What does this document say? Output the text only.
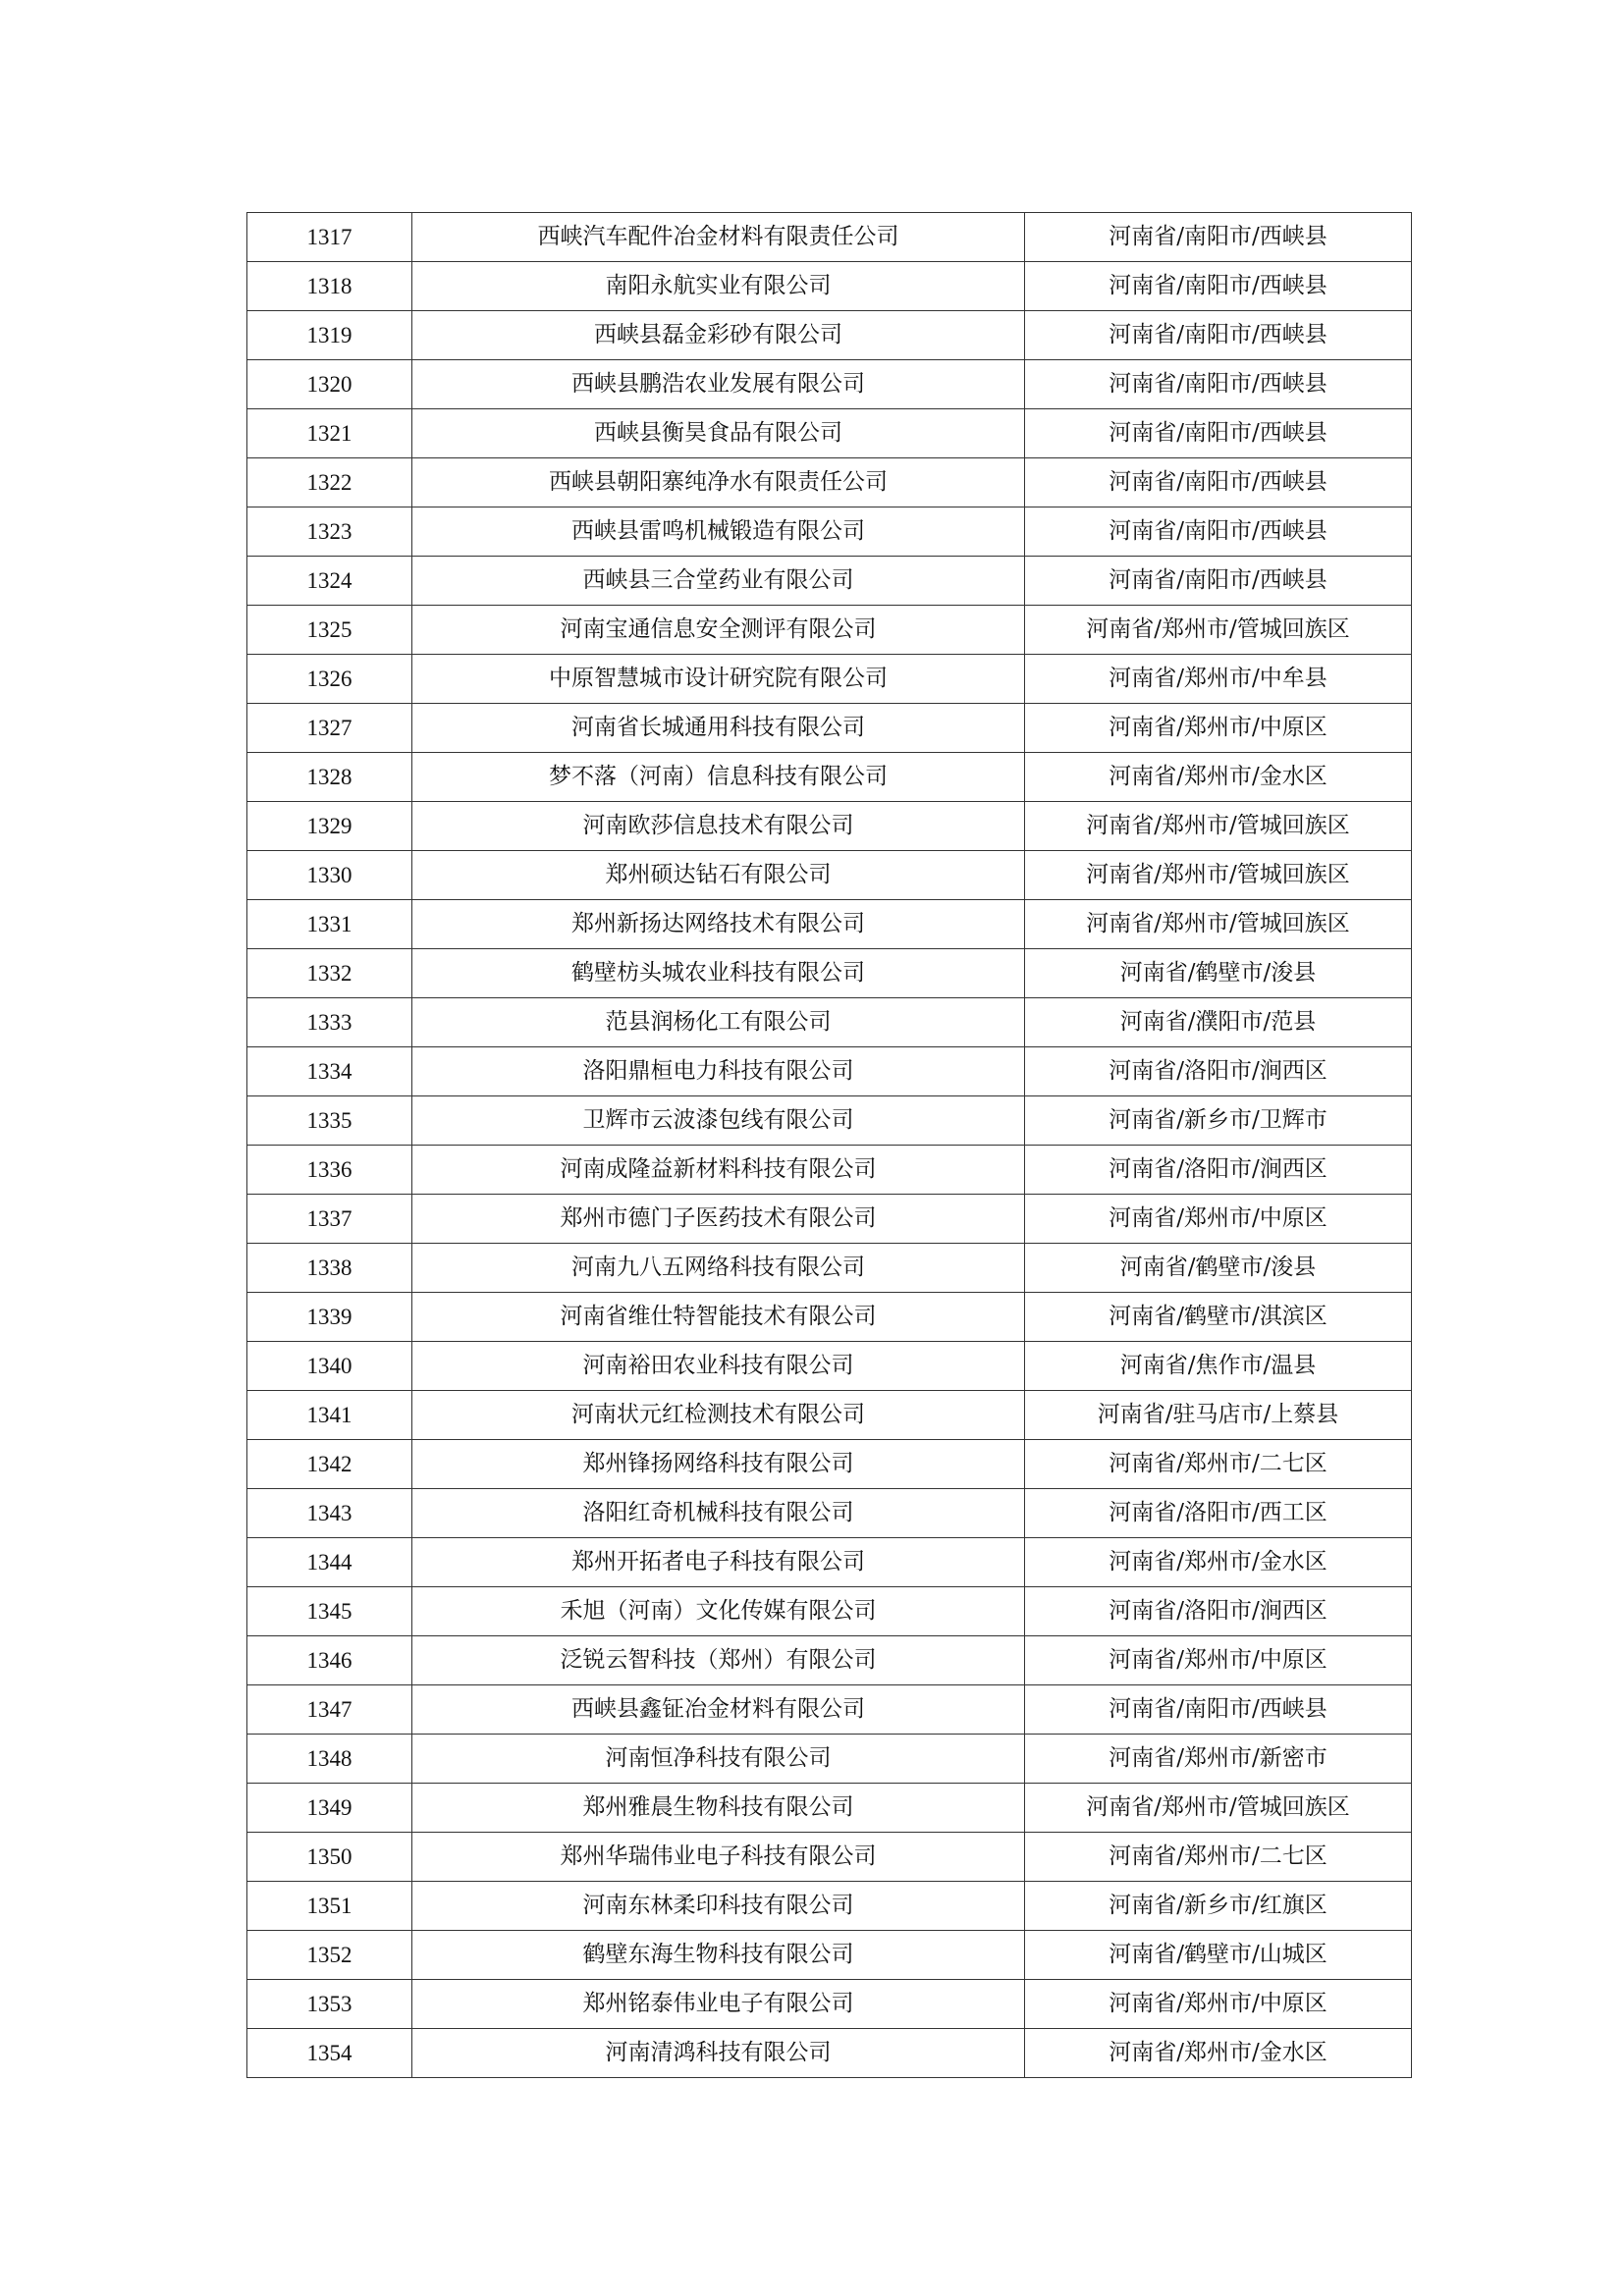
1317	西峡汽车配件冶金材料有限责任公司	河南省/南阳市/西峡县
1318	南阳永航实业有限公司	河南省/南阳市/西峡县
1319	西峡县磊金彩砂有限公司	河南省/南阳市/西峡县
1320	西峡县鹏浩农业发展有限公司	河南省/南阳市/西峡县
1321	西峡县衡昊食品有限公司	河南省/南阳市/西峡县
1322	西峡县朝阳寨纯净水有限责任公司	河南省/南阳市/西峡县
1323	西峡县雷鸣机械锻造有限公司	河南省/南阳市/西峡县
1324	西峡县三合堂药业有限公司	河南省/南阳市/西峡县
1325	河南宝通信息安全测评有限公司	河南省/郑州市/管城回族区
1326	中原智慧城市设计研究院有限公司	河南省/郑州市/中牟县
1327	河南省长城通用科技有限公司	河南省/郑州市/中原区
1328	梦不落（河南）信息科技有限公司	河南省/郑州市/金水区
1329	河南欧莎信息技术有限公司	河南省/郑州市/管城回族区
1330	郑州硕达钻石有限公司	河南省/郑州市/管城回族区
1331	郑州新扬达网络技术有限公司	河南省/郑州市/管城回族区
1332	鹤壁枋头城农业科技有限公司	河南省/鹤壁市/浚县
1333	范县润杨化工有限公司	河南省/濮阳市/范县
1334	洛阳鼎桓电力科技有限公司	河南省/洛阳市/涧西区
1335	卫辉市云波漆包线有限公司	河南省/新乡市/卫辉市
1336	河南成隆益新材料科技有限公司	河南省/洛阳市/涧西区
1337	郑州市德门子医药技术有限公司	河南省/郑州市/中原区
1338	河南九八五网络科技有限公司	河南省/鹤壁市/浚县
1339	河南省维仕特智能技术有限公司	河南省/鹤壁市/淇滨区
1340	河南裕田农业科技有限公司	河南省/焦作市/温县
1341	河南状元红检测技术有限公司	河南省/驻马店市/上蔡县
1342	郑州锋扬网络科技有限公司	河南省/郑州市/二七区
1343	洛阳红奇机械科技有限公司	河南省/洛阳市/西工区
1344	郑州开拓者电子科技有限公司	河南省/郑州市/金水区
1345	禾旭（河南）文化传媒有限公司	河南省/洛阳市/涧西区
1346	泛锐云智科技（郑州）有限公司	河南省/郑州市/中原区
1347	西峡县鑫钲冶金材料有限公司	河南省/南阳市/西峡县
1348	河南恒净科技有限公司	河南省/郑州市/新密市
1349	郑州雅晨生物科技有限公司	河南省/郑州市/管城回族区
1350	郑州华瑞伟业电子科技有限公司	河南省/郑州市/二七区
1351	河南东林柔印科技有限公司	河南省/新乡市/红旗区
1352	鹤壁东海生物科技有限公司	河南省/鹤壁市/山城区
1353	郑州铭泰伟业电子有限公司	河南省/郑州市/中原区
1354	河南清鸿科技有限公司	河南省/郑州市/金水区
